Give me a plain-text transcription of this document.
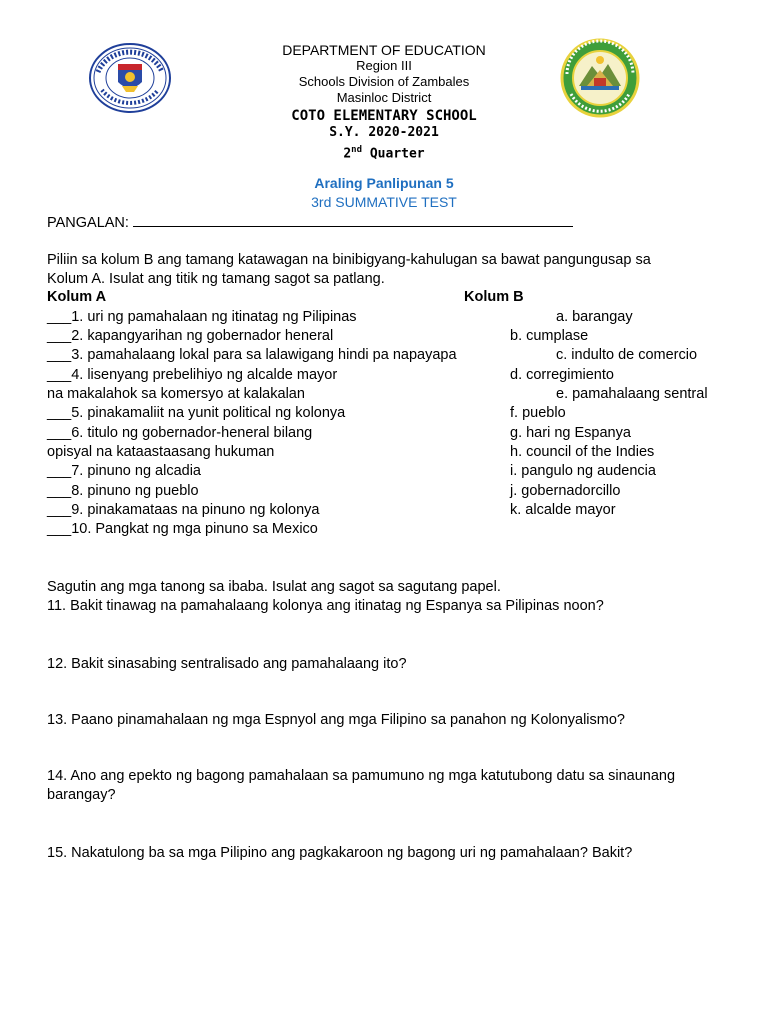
DEPARTMENT OF EDUCATION
Region III
Schools Division of Zambales
Masinloc District
COTO ELEMENTARY SCHOOL
S.Y. 2020-2021
2nd Quarter
Araling Panlipunan 5
3rd SUMMATIVE TEST
PANGALAN:
Piliin sa kolum B ang tamang katawagan na binibigyang-kahulugan sa bawat pangungusap sa
Kolum A. Isulat ang titik ng tamang sagot sa patlang.
Kolum A	Kolum B
___1. uri ng pamahalaan ng itinatag ng Pilipinas
___2. kapangyarihan ng gobernador heneral
___3. pamahalaang lokal para sa lalawigang hindi pa napayapa
___4. lisenyang prebelihiyo ng alcalde mayor
na makalahok sa komersyo at kalakalan
___5. pinakamaliit na yunit political ng kolonya
___6. titulo ng gobernador-heneral bilang
opisyal na kataastaasang hukuman
___7. pinuno ng alcadia
___8. pinuno ng pueblo
___9. pinakamataas na pinuno ng kolonya
___10. Pangkat ng mga pinuno sa Mexico
a. barangay
b. cumplase
c. indulto de comercio
d. corregimiento
e. pamahalaang sentral
f. pueblo
g. hari ng Espanya
h. council of the Indies
i. pangulo ng audencia
j. gobernadorcillo
k. alcalde mayor
Sagutin ang mga tanong sa ibaba. Isulat ang sagot sa sagutang papel.
11. Bakit tinawag na pamahalaang kolonya ang itinatag ng Espanya sa Pilipinas noon?
12. Bakit sinasabing sentralisado ang pamahalaang ito?
13. Paano pinamahalaan ng mga Espnyol ang mga Filipino sa panahon ng Kolonyalismo?
14. Ano ang epekto ng bagong pamahalaan sa pamumuno ng mga katutubong datu sa sinaunang
barangay?
15. Nakatulong ba sa mga Pilipino ang pagkakaroon ng bagong uri ng pamahalaan? Bakit?
